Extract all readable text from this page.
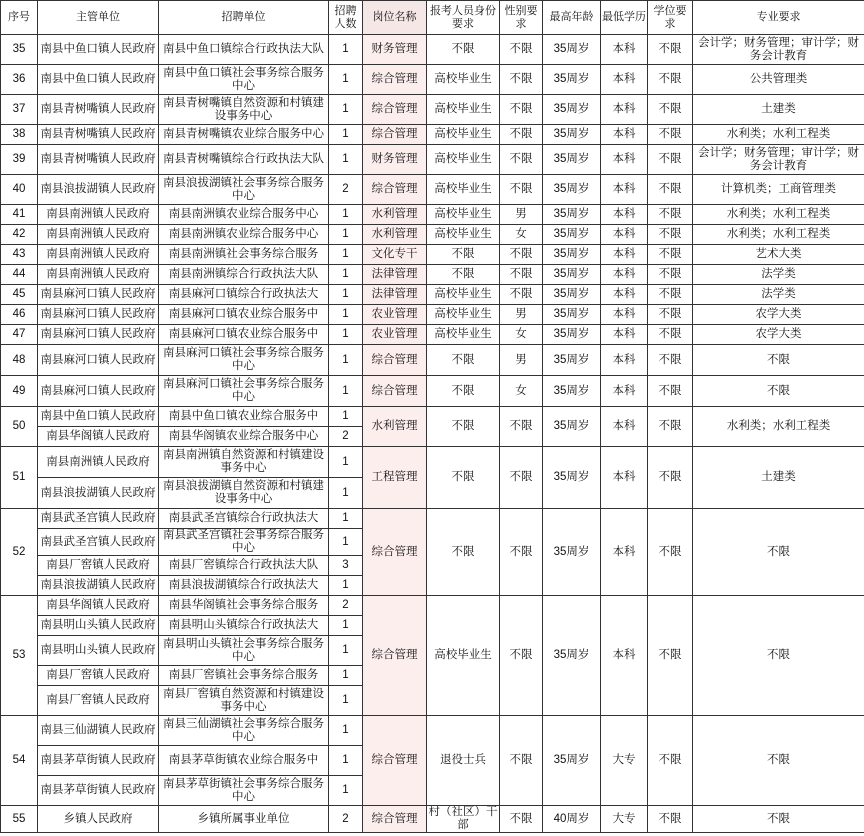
序号	主管单位	招聘单位	招聘人数	岗位名称	报考人员身份要求	性别要求	最高年龄	最低学历	学位要求	专业要求
35	南县中鱼口镇人民政府	南县中鱼口镇综合行政执法大队	1	财务管理	不限	不限	35周岁	本科	不限	会计学；财务管理；审计学；财务会计教育
36	南县中鱼口镇人民政府	南县中鱼口镇社会事务综合服务中心	1	综合管理	高校毕业生	不限	35周岁	本科	不限	公共管理类
37	南县青树嘴镇人民政府	南县青树嘴镇自然资源和村镇建设事务中心	1	综合管理	高校毕业生	不限	35周岁	本科	不限	土建类
38	南县青树嘴镇人民政府	南县青树嘴镇农业综合服务中心	1	综合管理	高校毕业生	不限	35周岁	本科	不限	水利类；水利工程类
39	南县青树嘴镇人民政府	南县青树嘴镇综合行政执法大队	1	财务管理	高校毕业生	不限	35周岁	本科	不限	会计学；财务管理；审计学；财务会计教育
40	南县浪拔湖镇人民政府	南县浪拔湖镇社会事务综合服务中心	2	综合管理	高校毕业生	不限	35周岁	本科	不限	计算机类；工商管理类
41	南县南洲镇人民政府	南县南洲镇农业综合服务中心	1	水利管理	高校毕业生	男	35周岁	本科	不限	水利类；水利工程类
42	南县南洲镇人民政府	南县南洲镇农业综合服务中心	1	水利管理	高校毕业生	女	35周岁	本科	不限	水利类；水利工程类
43	南县南洲镇人民政府	南县南洲镇社会事务综合服务	1	文化专干	不限	不限	35周岁	本科	不限	艺术大类
44	南县南洲镇人民政府	南县南洲镇综合行政执法大队	1	法律管理	不限	不限	35周岁	本科	不限	法学类
45	南县麻河口镇人民政府	南县麻河口镇综合行政执法大	1	法律管理	高校毕业生	不限	35周岁	本科	不限	法学类
46	南县麻河口镇人民政府	南县麻河口镇农业综合服务中	1	农业管理	高校毕业生	男	35周岁	本科	不限	农学大类
47	南县麻河口镇人民政府	南县麻河口镇农业综合服务中	1	农业管理	高校毕业生	女	35周岁	本科	不限	农学大类
48	南县麻河口镇人民政府	南县麻河口镇社会事务综合服务中心	1	综合管理	不限	男	35周岁	本科	不限	不限
49	南县麻河口镇人民政府	南县麻河口镇社会事务综合服务中心	1	综合管理	不限	女	35周岁	本科	不限	不限
50	南县中鱼口镇人民政府	南县中鱼口镇农业综合服务中	1	水利管理	不限	不限	35周岁	本科	不限	水利类；水利工程类
	南县华阁镇人民政府	南县华阁镇农业综合服务中心	2							
51	南县南洲镇人民政府	南县南洲镇自然资源和村镇建设事务中心	1	工程管理	不限	不限	35周岁	本科	不限	土建类
	南县浪拔湖镇人民政府	南县浪拔湖镇自然资源和村镇建设事务中心	1							
52	南县武圣宫镇人民政府	南县武圣宫镇综合行政执法大	1	综合管理	不限	不限	35周岁	本科	不限	不限
	南县武圣宫镇人民政府	南县武圣宫镇社会事务综合服务中心	1							
	南县厂窖镇人民政府	南县厂窖镇综合行政执法大队	3							
	南县浪拔湖镇人民政府	南县浪拔湖镇综合行政执法大	1							
53	南县华阁镇人民政府	南县华阁镇社会事务综合服务	2	综合管理	高校毕业生	不限	35周岁	本科	不限	不限
	南县明山头镇人民政府	南县明山头镇综合行政执法大	1							
	南县明山头镇人民政府	南县明山头镇社会事务综合服务中心	1							
	南县厂窖镇人民政府	南县厂窖镇社会事务综合服务	1							
	南县厂窖镇人民政府	南县厂窖镇自然资源和村镇建设事务中心	1							
54	南县三仙湖镇人民政府	南县三仙湖镇社会事务综合服务中心	1	综合管理	退役士兵	不限	35周岁	大专	不限	不限
	南县茅草街镇人民政府	南县茅草街镇农业综合服务中	1							
	南县茅草街镇人民政府	南县茅草街镇社会事务综合服务中心	1							
55	乡镇人民政府	乡镇所属事业单位	2	综合管理	村（社区）干部	不限	40周岁	大专	不限	不限
